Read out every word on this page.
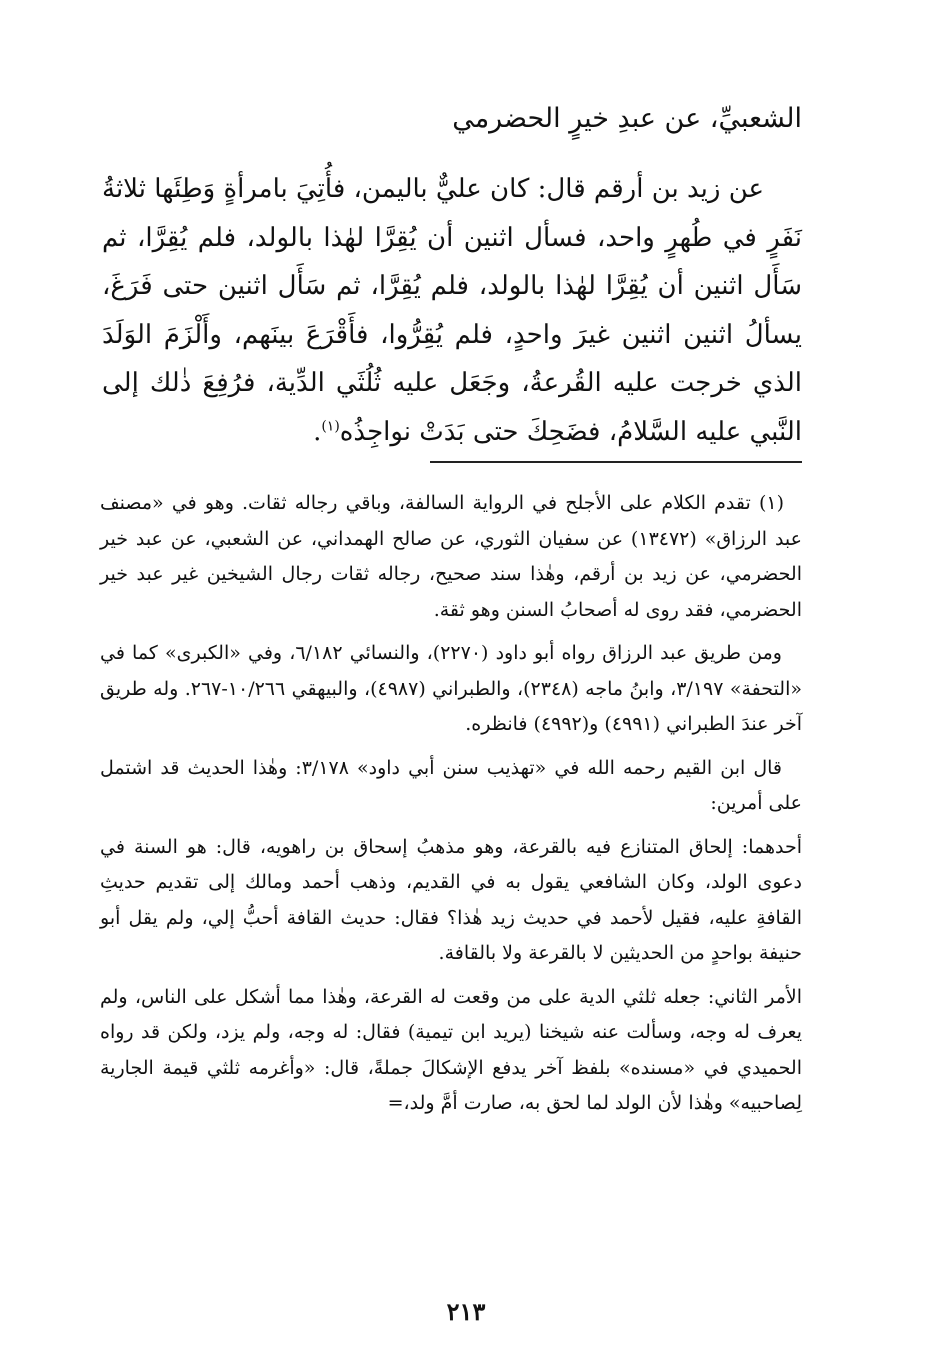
الشعبيِّ، عن عبدِ خيرٍ الحضرمي

عن زيد بن أرقم قال: كان عليٌّ باليمن، فأُتِيَ بامرأةٍ وَطِئَها ثلاثةُ نَفَرٍ في طُهرٍ واحد، فسأل اثنين أن يُقِرَّا لهٰذا بالولد، فلم يُقِرَّا، ثم سَأَل اثنين أن يُقِرَّا لهٰذا بالولد، فلم يُقِرَّا، ثم سَأَل اثنين حتى فَرَغَ، يسألُ اثنين اثنين غيرَ واحدٍ، فلم يُقِرُّوا، فأَقْرَعَ بينَهم، وأَلْزَمَ الوَلَدَ الذي خرجت عليه القُرعةُ، وجَعَل عليه ثُلُثَي الدِّية، فرُفِعَ ذٰلك إلى النَّبي عليه السَّلامُ، فضَحِكَ حتى بَدَتْ نواجِذُه$^{(١)}$.

(١) تقدم الكلام على الأجلح في الرواية السالفة، وباقي رجاله ثقات. وهو في «مصنف عبد الرزاق» (١٣٤٧٢) عن سفيان الثوري، عن صالح الهمداني، عن الشعبي، عن عبد خير الحضرمي، عن زيد بن أرقم، وهٰذا سند صحيح، رجاله ثقات رجال الشيخين غير عبد خير الحضرمي، فقد روى له أصحابُ السنن وهو ثقة.

ومن طريق عبد الرزاق رواه أبو داود (٢٢٧٠)، والنسائي ٦/١٨٢، وفي «الكبرى» كما في «التحفة» ٣/١٩٧، وابنُ ماجه (٢٣٤٨)، والطبراني (٤٩٨٧)، والبيهقي ١٠/٢٦٦-٢٦٧. وله طريق آخر عندَ الطبراني (٤٩٩١) و(٤٩٩٢) فانظره.

قال ابن القيم رحمه الله في «تهذيب سنن أبي داود» ٣/١٧٨: وهٰذا الحديث قد اشتمل على أمرين:

أحدهما: إلحاق المتنازع فيه بالقرعة، وهو مذهبُ إسحاق بن راهويه، قال: هو السنة في دعوى الولد، وكان الشافعي يقول به في القديم، وذهب أحمد ومالك إلى تقديم حديثِ القافةِ عليه، فقيل لأحمد في حديث زيد هٰذا؟ فقال: حديث القافة أحبُّ إلي، ولم يقل أبو حنيفة بواحدٍ من الحديثين لا بالقرعة ولا بالقافة.

الأمر الثاني: جعله ثلثي الدية على من وقعت له القرعة، وهٰذا مما أشكل على الناس، ولم يعرف له وجه، وسألت عنه شيخنا (يريد ابن تيمية) فقال: له وجه، ولم يزد، ولكن قد رواه الحميدي في «مسنده» بلفظ آخر يدفع الإشكالَ جملةً، قال: «وأغرمه ثلثي قيمة الجارية لِصاحبيه» وهٰذا لأن الولد لما لحق به، صارت أمَّ ولد،=

٢١٣
